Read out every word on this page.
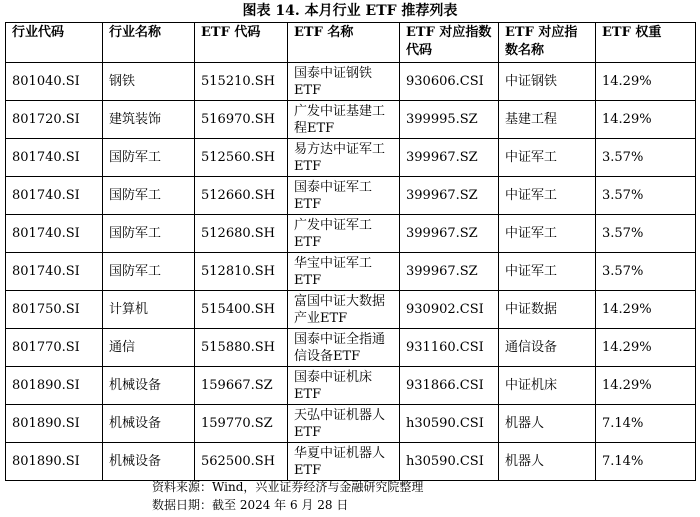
图表 14. 本月行业 ETF 推荐列表
行业代码	行业名称	ETF 代码	ETF 名称	ETF 对应指数代码	ETF 对应指数名称	ETF 权重
801040.SI	钢铁	515210.SH	国泰中证钢铁ETF	930606.CSI	中证钢铁	14.29%
801720.SI	建筑装饰	516970.SH	广发中证基建工程ETF	399995.SZ	基建工程	14.29%
801740.SI	国防军工	512560.SH	易方达中证军工ETF	399967.SZ	中证军工	3.57%
801740.SI	国防军工	512660.SH	国泰中证军工ETF	399967.SZ	中证军工	3.57%
801740.SI	国防军工	512680.SH	广发中证军工ETF	399967.SZ	中证军工	3.57%
801740.SI	国防军工	512810.SH	华宝中证军工ETF	399967.SZ	中证军工	3.57%
801750.SI	计算机	515400.SH	富国中证大数据产业ETF	930902.CSI	中证数据	14.29%
801770.SI	通信	515880.SH	国泰中证全指通信设备ETF	931160.CSI	通信设备	14.29%
801890.SI	机械设备	159667.SZ	国泰中证机床ETF	931866.CSI	中证机床	14.29%
801890.SI	机械设备	159770.SZ	天弘中证机器人ETF	h30590.CSI	机器人	7.14%
801890.SI	机械设备	562500.SH	华夏中证机器人ETF	h30590.CSI	机器人	7.14%
资料来源：Wind，兴业证券经济与金融研究院整理
数据日期：截至 2024 年 6 月 28 日
